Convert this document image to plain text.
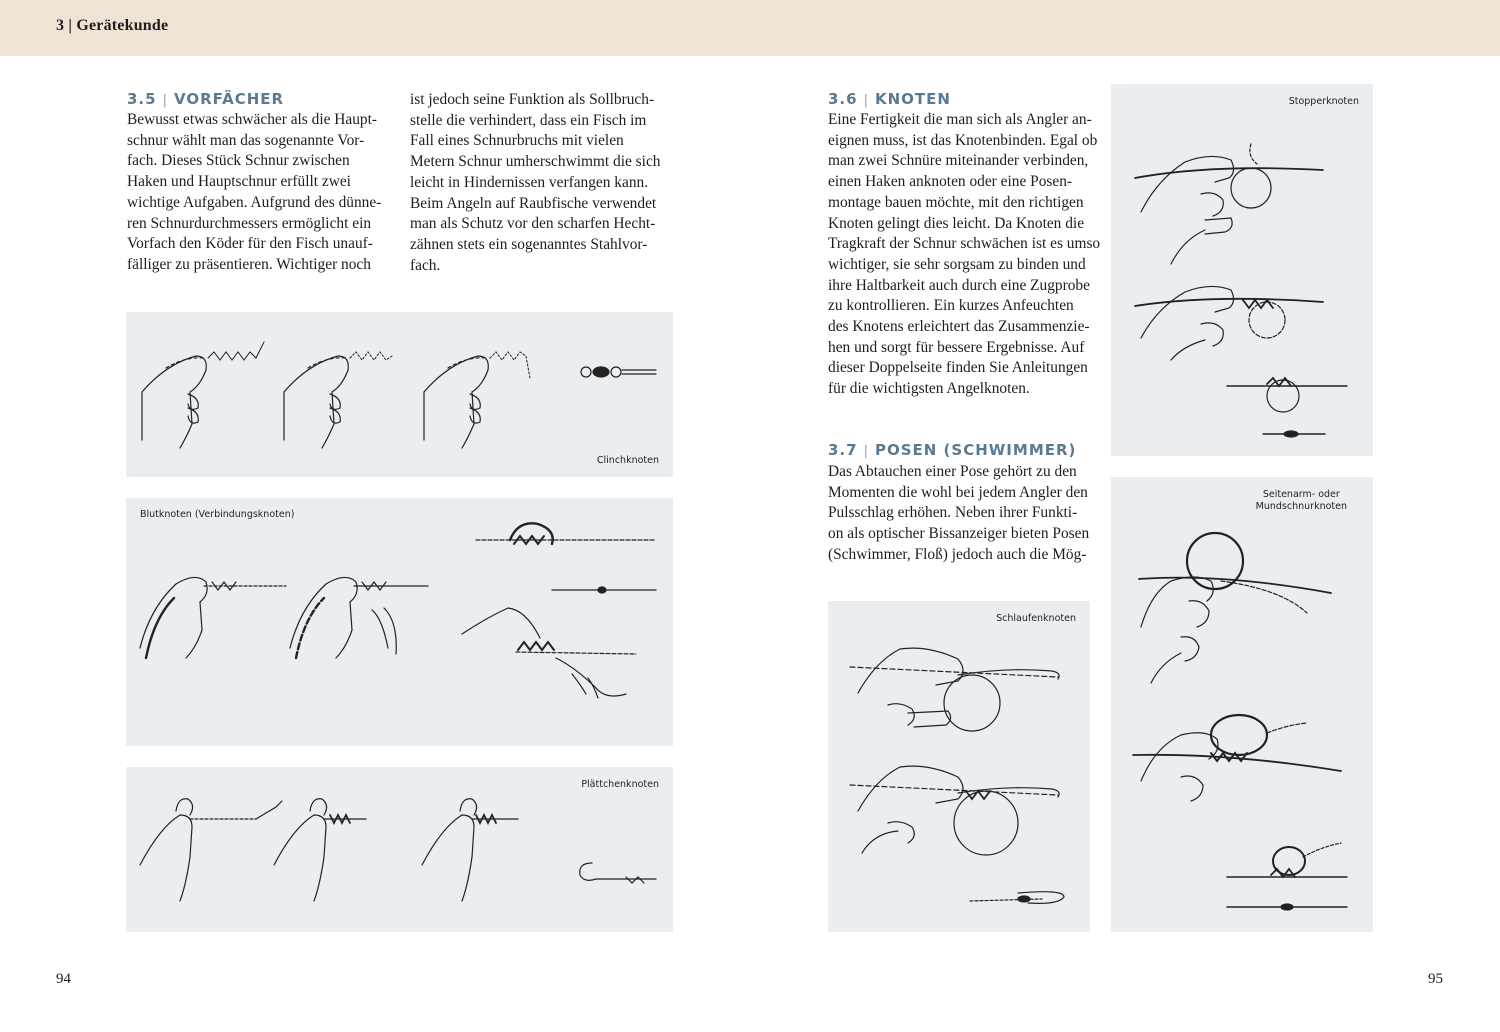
3 | Gerätekunde
3.5 | VORFÄCHER
Bewusst etwas schwächer als die Haupt-
schnur wählt man das sogenannte Vor-
fach. Dieses Stück Schnur zwischen
Haken und Hauptschnur erfüllt zwei
wichtige Aufgaben. Aufgrund des dünne-
ren Schnurdurchmessers ermöglicht ein
Vorfach den Köder für den Fisch unauf-
fälliger zu präsentieren. Wichtiger noch
ist jedoch seine Funktion als Sollbruch-
stelle die verhindert, dass ein Fisch im
Fall eines Schnurbruchs mit vielen
Metern Schnur umherschwimmt die sich
leicht in Hindernissen verfangen kann.
Beim Angeln auf Raubfische verwendet
man als Schutz vor den scharfen Hecht-
zähnen stets ein sogenanntes Stahlvor-
fach.
Clinchknoten
Blutknoten (Verbindungsknoten)
Plättchenknoten
3.6 | KNOTEN
Eine Fertigkeit die man sich als Angler an-
eignen muss, ist das Knotenbinden. Egal ob
man zwei Schnüre miteinander verbinden,
einen Haken anknoten oder eine Posen-
montage bauen möchte, mit den richtigen
Knoten gelingt dies leicht. Da Knoten die
Tragkraft der Schnur schwächen ist es umso
wichtiger, sie sehr sorgsam zu binden und
ihre Haltbarkeit auch durch eine Zugprobe
zu kontrollieren. Ein kurzes Anfeuchten
des Knotens erleichtert das Zusammenzie-
hen und sorgt für bessere Ergebnisse. Auf
dieser Doppelseite finden Sie Anleitungen
für die wichtigsten Angelknoten.
3.7 | POSEN (SCHWIMMER)
Das Abtauchen einer Pose gehört zu den
Momenten die wohl bei jedem Angler den
Pulsschlag erhöhen. Neben ihrer Funkti-
on als optischer Bissanzeiger bieten Posen
(Schwimmer, Floß) jedoch auch die Mög-
Schlaufenknoten
Stopperknoten
Seitenarm- oder
Mundschnurknoten
94	95
